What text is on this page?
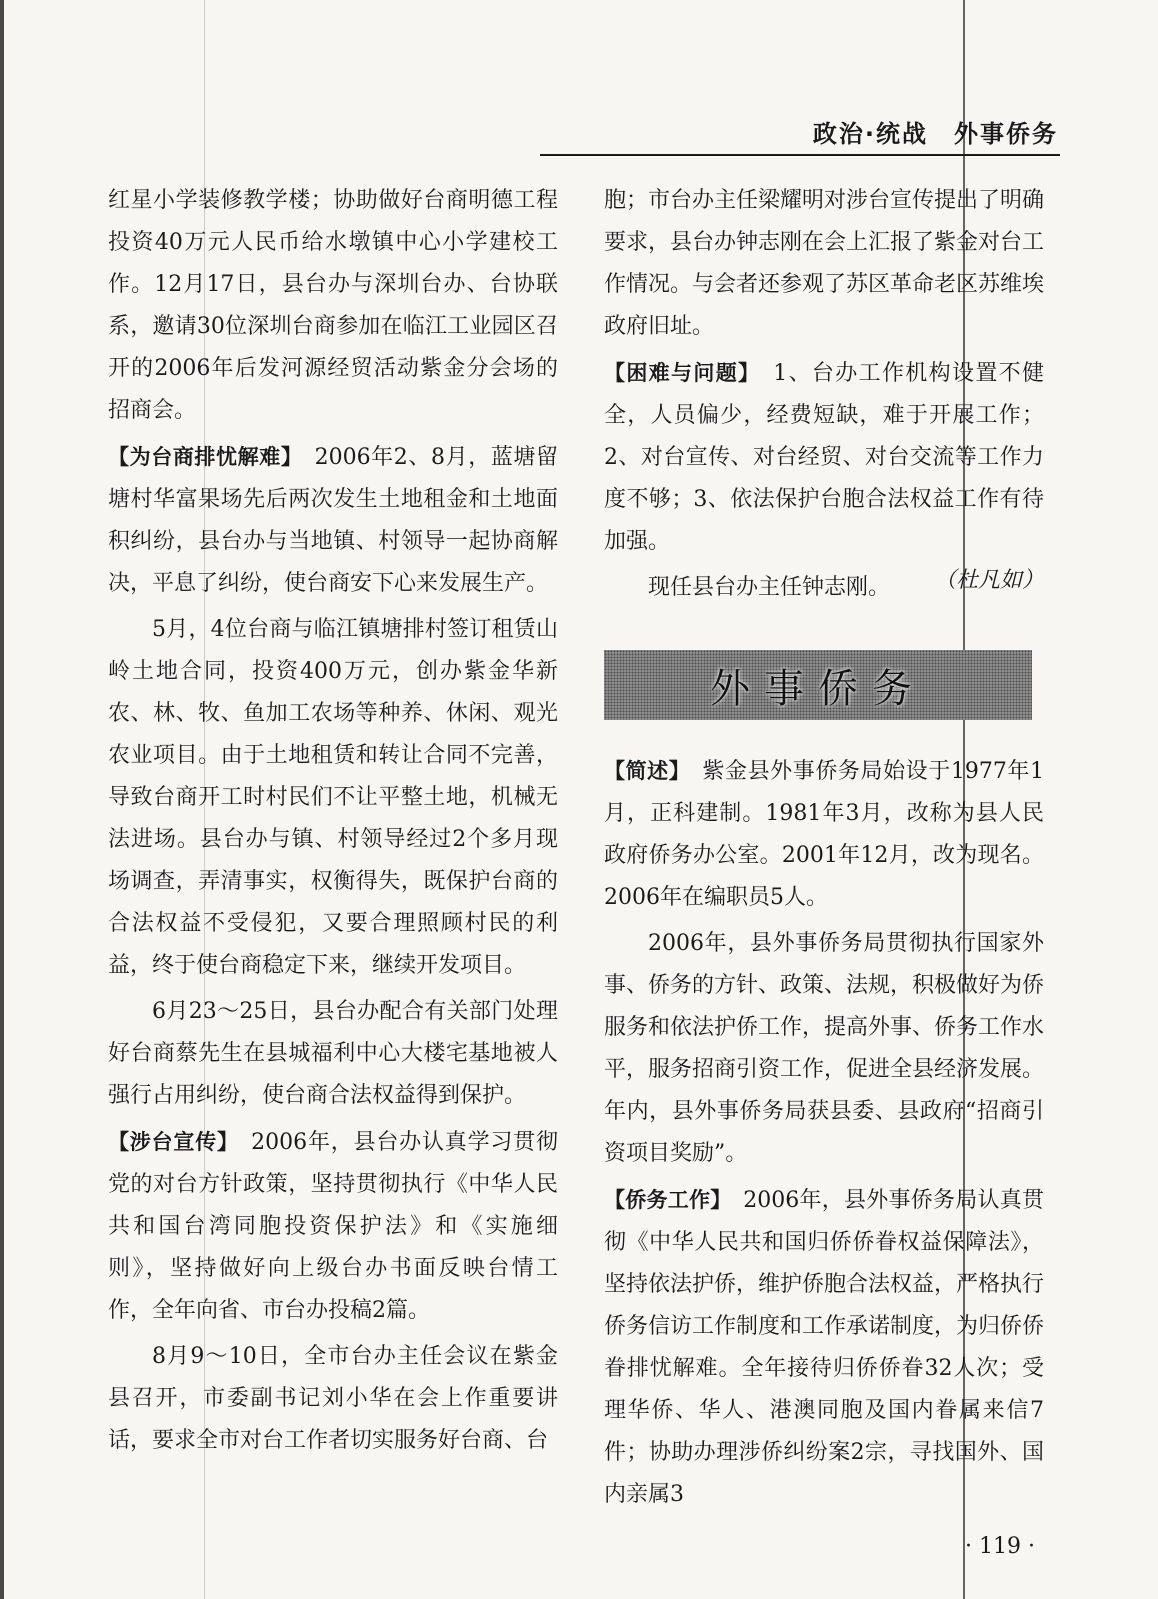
政治·统战　外事侨务

红星小学装修教学楼；协助做好台商明德工程投资40万元人民币给水墩镇中心小学建校工作。12月17日，县台办与深圳台办、台协联系，邀请30位深圳台商参加在临江工业园区召开的2006年后发河源经贸活动紫金分会场的招商会。

【为台商排忧解难】　2006年2、8月，蓝塘留塘村华富果场先后两次发生土地租金和土地面积纠纷，县台办与当地镇、村领导一起协商解决，平息了纠纷，使台商安下心来发展生产。

5月，4位台商与临江镇塘排村签订租赁山岭土地合同，投资400万元，创办紫金华新农、林、牧、鱼加工农场等种养、休闲、观光农业项目。由于土地租赁和转让合同不完善，导致台商开工时村民们不让平整土地，机械无法进场。县台办与镇、村领导经过2个多月现场调查，弄清事实，权衡得失，既保护台商的合法权益不受侵犯，又要合理照顾村民的利益，终于使台商稳定下来，继续开发项目。

6月23～25日，县台办配合有关部门处理好台商蔡先生在县城福利中心大楼宅基地被人强行占用纠纷，使台商合法权益得到保护。

【涉台宣传】　2006年，县台办认真学习贯彻党的对台方针政策，坚持贯彻执行《中华人民共和国台湾同胞投资保护法》和《实施细则》，坚持做好向上级台办书面反映台情工作，全年向省、市台办投稿2篇。

8月9～10日，全市台办主任会议在紫金县召开，市委副书记刘小华在会上作重要讲话，要求全市对台工作者切实服务好台商、台

胞；市台办主任梁耀明对涉台宣传提出了明确要求，县台办钟志刚在会上汇报了紫金对台工作情况。与会者还参观了苏区革命老区苏维埃政府旧址。

【困难与问题】　1、台办工作机构设置不健全，人员偏少，经费短缺，难于开展工作；2、对台宣传、对台经贸、对台交流等工作力度不够；3、依法保护台胞合法权益工作有待加强。

现任县台办主任钟志刚。	（杜凡如）

外事侨务

【简述】　紫金县外事侨务局始设于1977年1月，正科建制。1981年3月，改称为县人民政府侨务办公室。2001年12月，改为现名。2006年在编职员5人。

2006年，县外事侨务局贯彻执行国家外事、侨务的方针、政策、法规，积极做好为侨服务和依法护侨工作，提高外事、侨务工作水平，服务招商引资工作，促进全县经济发展。年内，县外事侨务局获县委、县政府“招商引资项目奖励”。

【侨务工作】　2006年，县外事侨务局认真贯彻《中华人民共和国归侨侨眷权益保障法》，坚持依法护侨，维护侨胞合法权益，严格执行侨务信访工作制度和工作承诺制度，为归侨侨眷排忧解难。全年接待归侨侨眷32人次；受理华侨、华人、港澳同胞及国内眷属来信7件；协助办理涉侨纠纷案2宗，寻找国外、国内亲属3

· 119 ·
